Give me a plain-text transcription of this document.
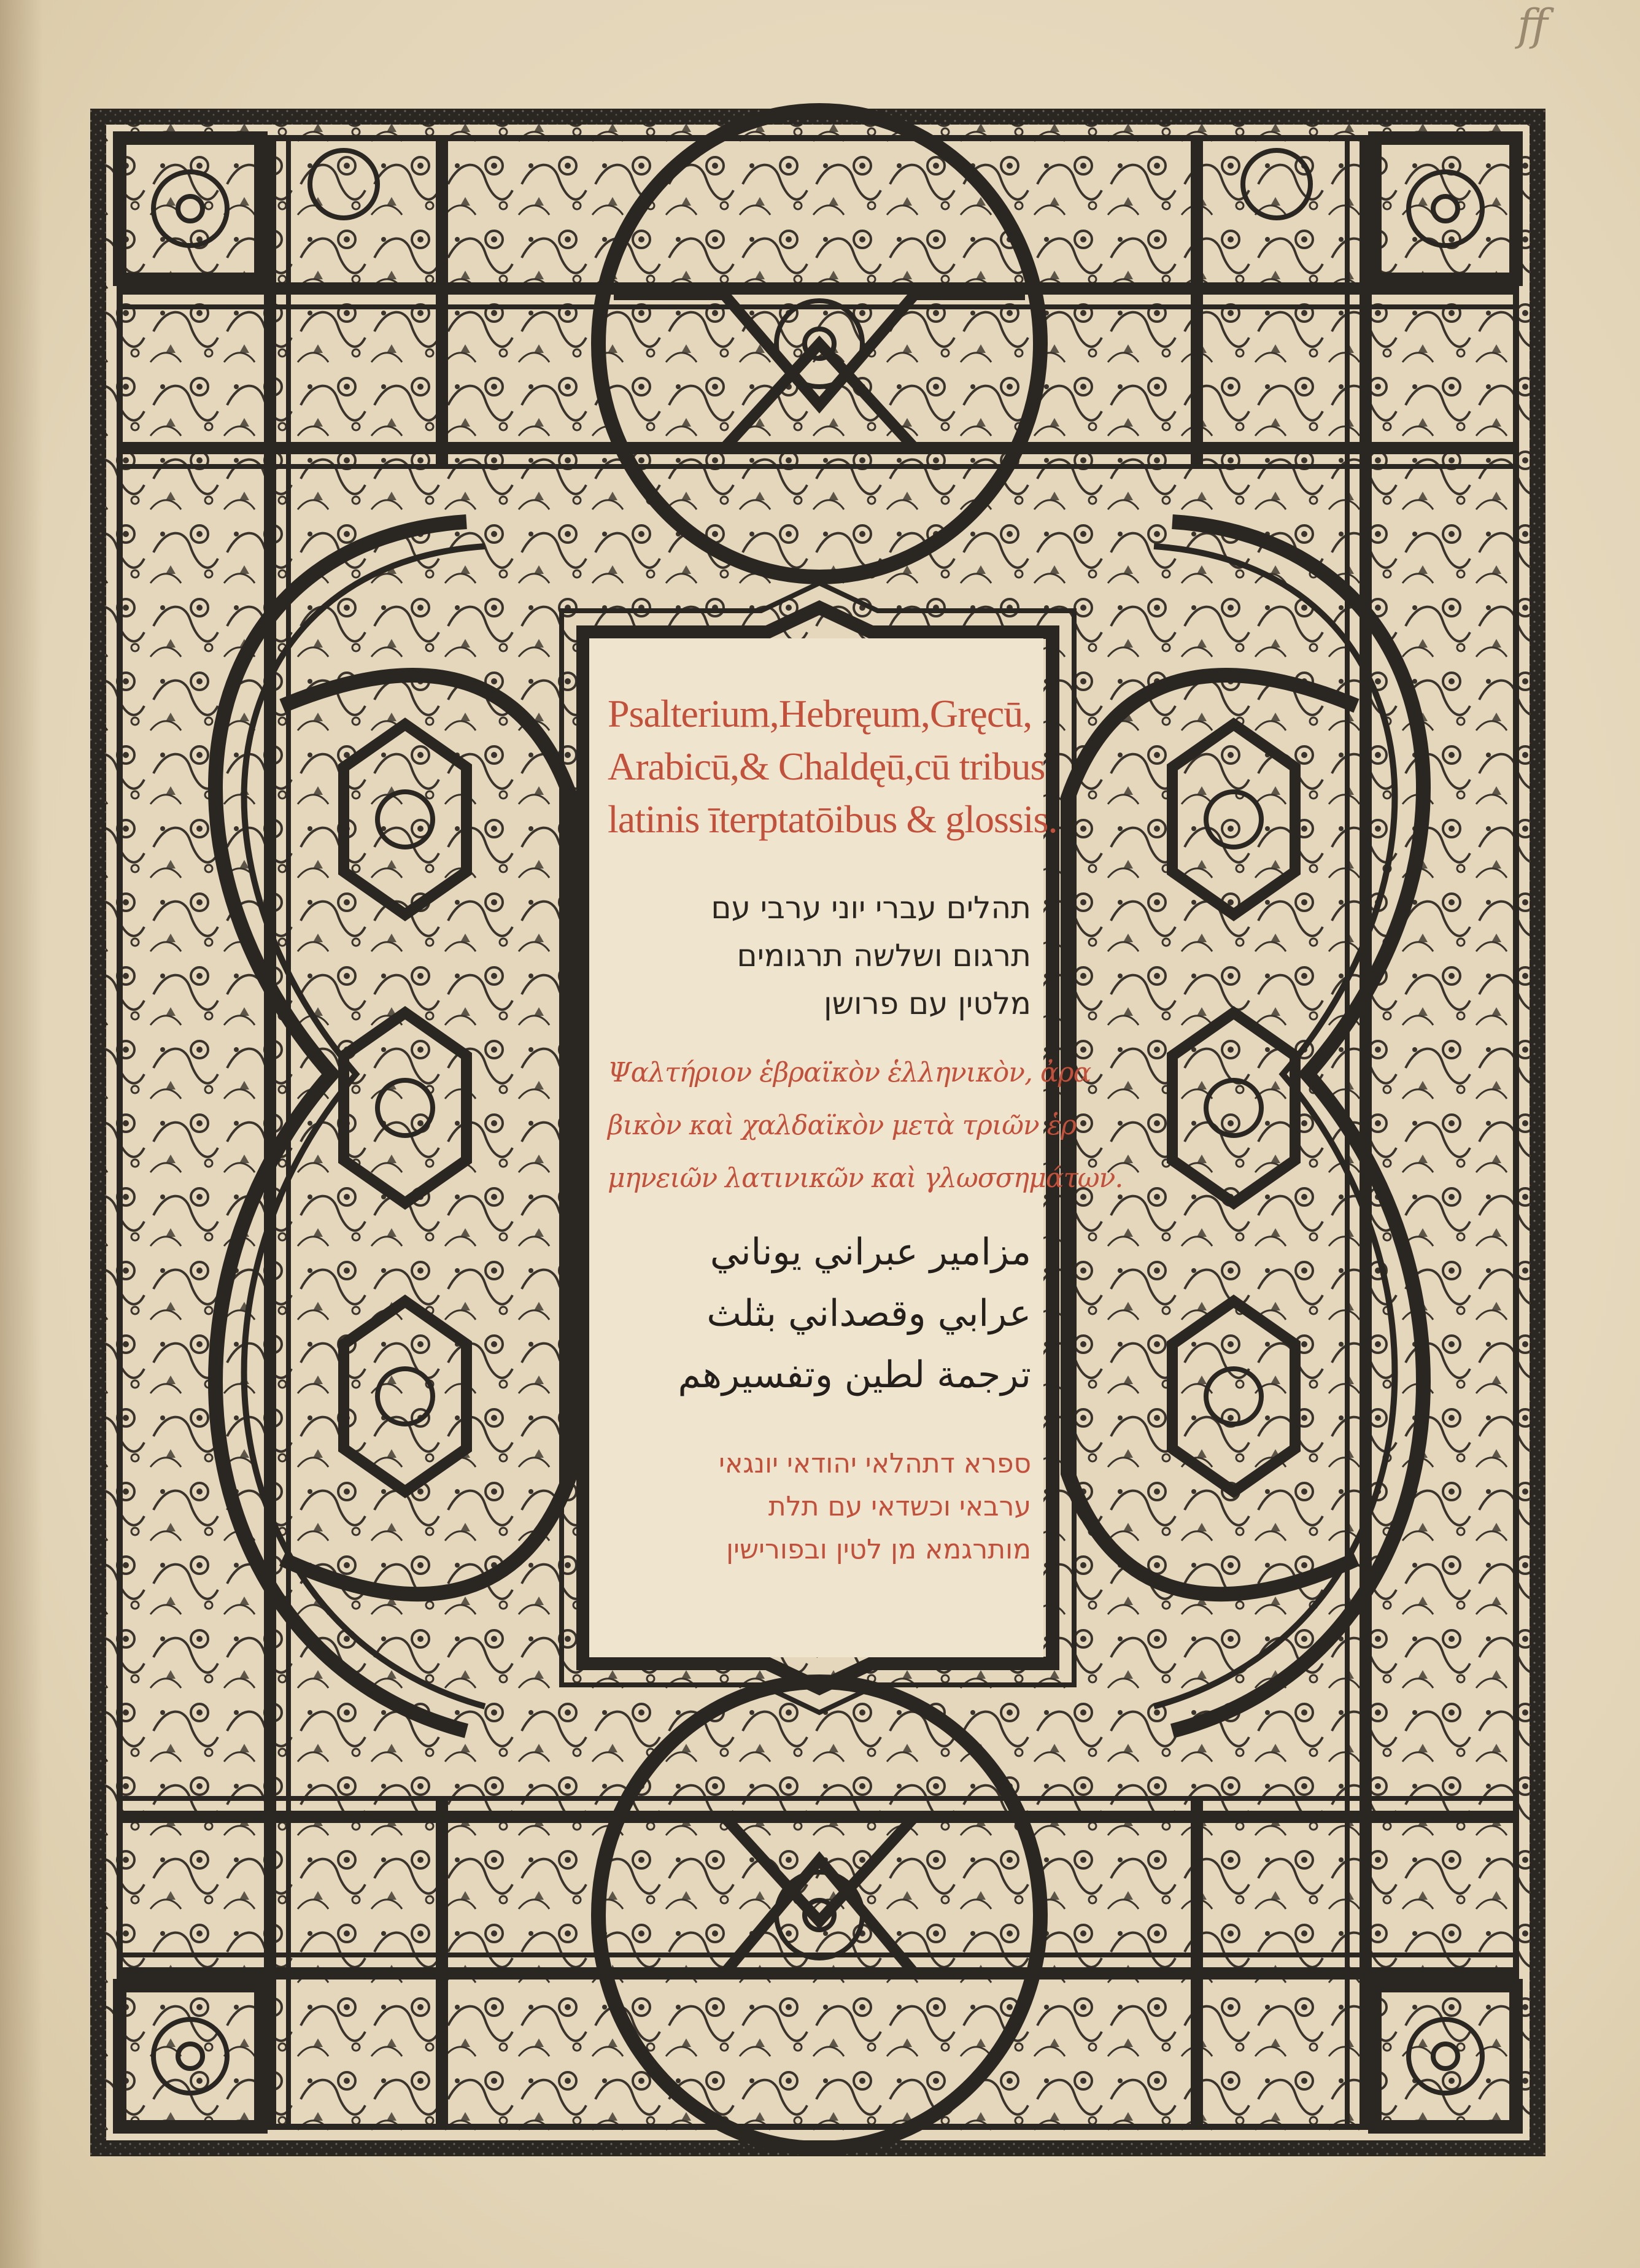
ff
Psalterium,Hebręum,Gręcū,
Arabicū,& Chaldęū,cū tribus
latinis īterptatōibus & glossis.
תהלים עברי יוני ערבי עם
תרגום ושלשה תרגומים
מלטין עם פרושן
Ψαλτήριον ἑβραϊκὸν ἑλληνικὸν, ἀρα
βικὸν καὶ χαλδαϊκὸν μετὰ τριῶν ἑρ
μηνειῶν λατινικῶν καὶ γλωσσημάτων.
مزامير عبراني يوناني
عرابي وقصداني بثلث
ترجمة لطين وتفسيرهم
ספרא דתהלאי יהודאי יונגאי
ערבאי וכשדאי עם תלת
מותרגמא מן לטין ובפורישין
